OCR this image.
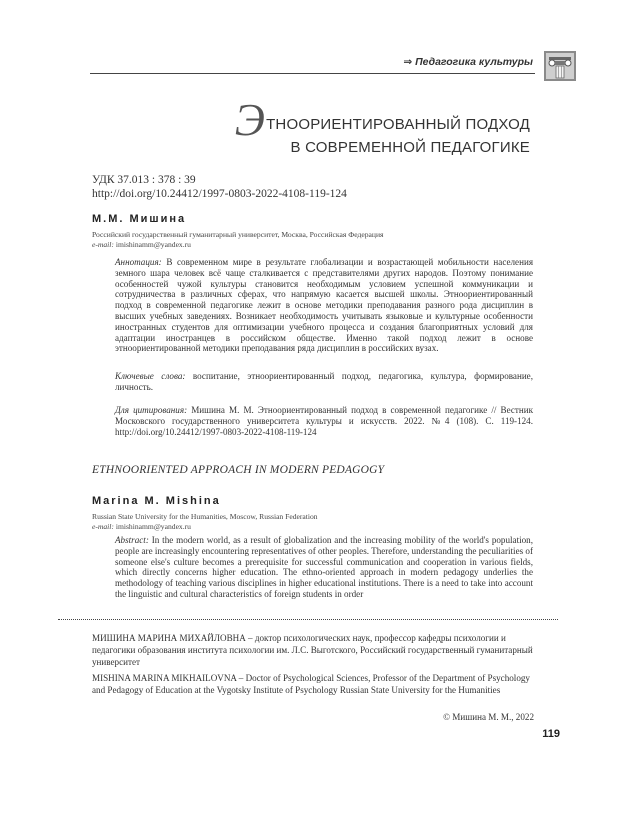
⇒ Педагогика культуры
ЭТНООРИЕНТИРОВАННЫЙ ПОДХОД
В СОВРЕМЕННОЙ ПЕДАГОГИКЕ
УДК 37.013 : 378 : 39
http://doi.org/10.24412/1997-0803-2022-4108-119-124
М.М. Мишина
Российский государственный гуманитарный университет, Москва, Российская Федерация
e-mail: imishinamm@yandex.ru
Аннотация: В современном мире в результате глобализации и возрастающей мобильности населения земного шара человек всё чаще сталкивается с представителями других народов. Поэтому понимание особенностей чужой культуры становится необходимым условием успешной коммуникации и сотрудничества в различных сферах, что напрямую касается высшей школы. Этноориентированный подход в современной педагогике лежит в основе методики преподавания разного рода дисциплин в высших учебных заведениях. Возникает необходимость учитывать языковые и культурные особенности иностранных студентов для оптимизации учебного процесса и создания благоприятных условий для адаптации иностранцев в российском обществе. Именно такой подход лежит в основе этноориентированной методики преподавания ряда дисциплин в российских вузах.
Ключевые слова: воспитание, этноориентированный подход, педагогика, культура, формирование, личность.
Для цитирования: Мишина М. М. Этноориентированный подход в современной педагогике // Вестник Московского государственного университета культуры и искусств. 2022. №4 (108). С. 119-124. http://doi.org/10.24412/1997-0803-2022-4108-119-124
ETHNOORIENTED APPROACH IN MODERN PEDAGOGY
Marina M. Mishina
Russian State University for the Humanities, Moscow, Russian Federation
e-mail: imishinamm@yandex.ru
Abstract: In the modern world, as a result of globalization and the increasing mobility of the world's population, people are increasingly encountering representatives of other peoples. Therefore, understanding the peculiarities of someone else's culture becomes a prerequisite for successful communication and cooperation in various fields, which directly concerns higher education. The ethno-oriented approach in modern pedagogy underlies the methodology of teaching various disciplines in higher educational institutions. There is a need to take into account the linguistic and cultural characteristics of foreign students in order
МИШИНА МАРИНА МИХАЙЛОВНА – доктор психологических наук, профессор кафедры психологии и педагогики образования института психологии им. Л.С. Выготского, Российский государственный гуманитарный университет
MISHINA MARINA MIKHAILOVNA – Doctor of Psychological Sciences, Professor of the Department of Psychology and Pedagogy of Education at the Vygotsky Institute of Psychology Russian State University for the Humanities
© Мишина М. М., 2022
119
